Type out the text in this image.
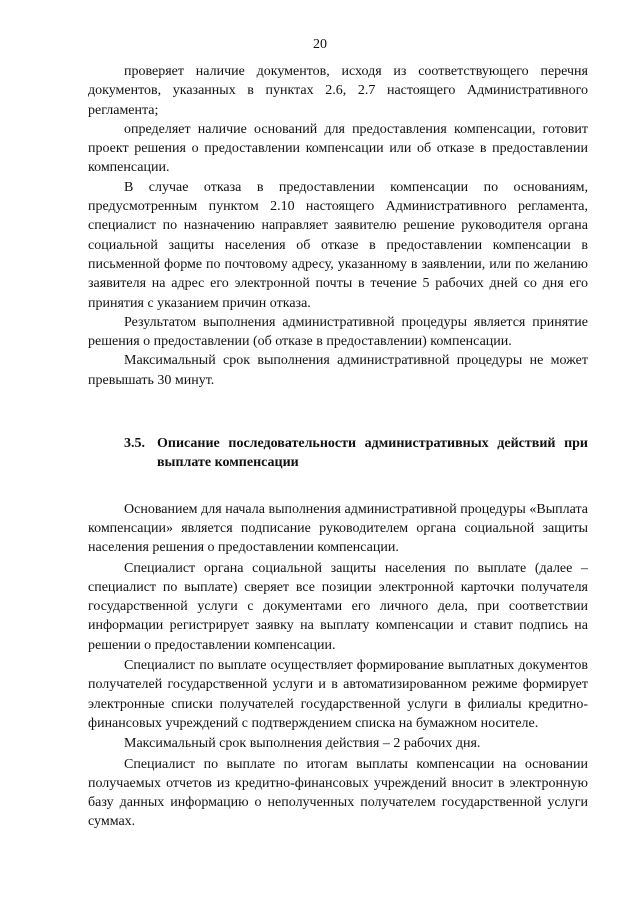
20

проверяет наличие документов, исходя из соответствующего перечня документов, указанных в пунктах 2.6, 2.7 настоящего Административного регламента;

определяет наличие оснований для предоставления компенсации, готовит проект решения о предоставлении компенсации или об отказе в предоставлении компенсации.

В случае отказа в предоставлении компенсации по основаниям, предусмотренным пунктом 2.10 настоящего Административного регламента, специалист по назначению направляет заявителю решение руководителя органа социальной защиты населения об отказе в предоставлении компенсации в письменной форме по почтовому адресу, указанному в заявлении, или по желанию заявителя на адрес его электронной почты в течение 5 рабочих дней со дня его принятия с указанием причин отказа.

Результатом выполнения административной процедуры является принятие решения о предоставлении (об отказе в предоставлении) компенсации.

Максимальный срок выполнения административной процедуры не может превышать 30 минут.

3.5. Описание последовательности административных действий при выплате компенсации

Основанием для начала выполнения административной процедуры «Выплата компенсации» является подписание руководителем органа социальной защиты населения решения о предоставлении компенсации.

Специалист органа социальной защиты населения по выплате (далее – специалист по выплате) сверяет все позиции электронной карточки получателя государственной услуги с документами его личного дела, при соответствии информации регистрирует заявку на выплату компенсации и ставит подпись на решении о предоставлении компенсации.

Специалист по выплате осуществляет формирование выплатных документов получателей государственной услуги и в автоматизированном режиме формирует электронные списки получателей государственной услуги в филиалы кредитно-финансовых учреждений с подтверждением списка на бумажном носителе.

Максимальный срок выполнения действия – 2 рабочих дня.

Специалист по выплате по итогам выплаты компенсации на основании получаемых отчетов из кредитно-финансовых учреждений вносит в электронную базу данных информацию о неполученных получателем государственной услуги суммах.
